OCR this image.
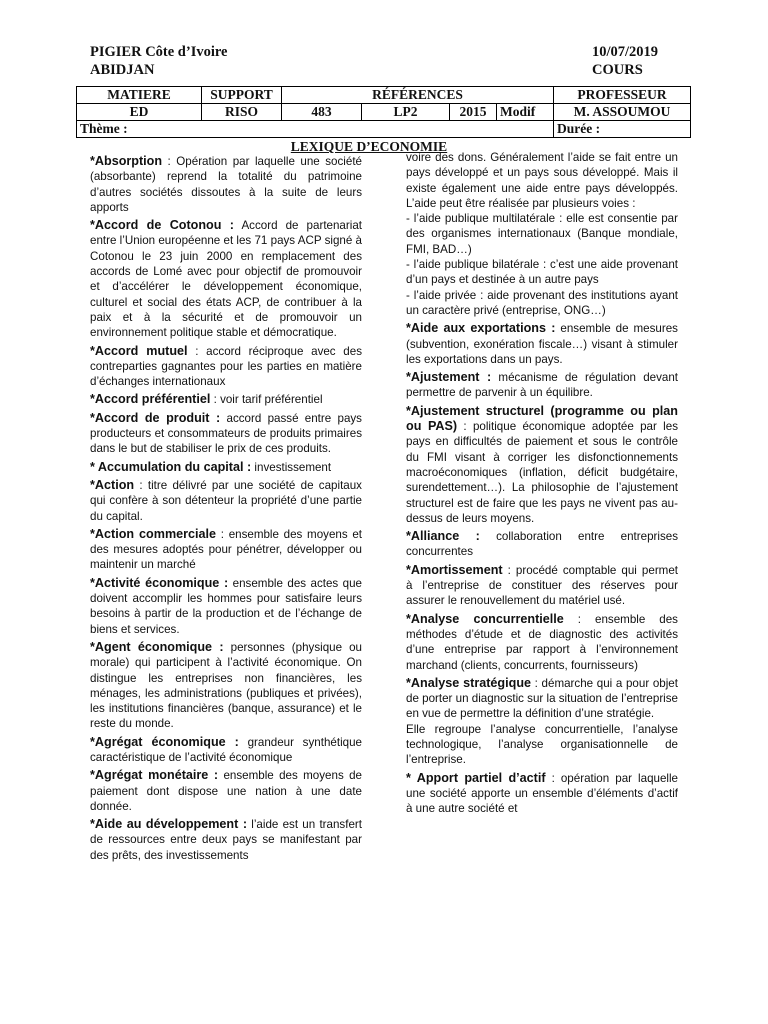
PIGIER Côte d’Ivoire
ABIDJAN
10/07/2019
COURS
MATIERE	SUPPORT	RÉFÉRENCES				PROFESSEUR
ED	RISO	483	LP2	2015	Modif	M. ASSOUMOU
Thème :						Durée :
LEXIQUE D’ECONOMIE

*Absorption : Opération par laquelle une société (absorbante) reprend la totalité du patrimoine d’autres sociétés dissoutes à la suite de leurs apports

*Accord de Cotonou : Accord de partenariat entre l’Union européenne et les 71 pays ACP signé à Cotonou le 23 juin 2000 en remplacement des accords de Lomé avec pour objectif de promouvoir et d’accélérer le développement économique, culturel et social des états ACP, de contribuer à la paix et à la sécurité et de promouvoir un environnement politique stable et démocratique.

*Accord mutuel : accord réciproque avec des contreparties gagnantes pour les parties en matière d’échanges internationaux

*Accord préférentiel : voir tarif préférentiel

*Accord de produit : accord passé entre pays producteurs et consommateurs de produits primaires dans le but de stabiliser le prix de ces produits.

* Accumulation du capital : investissement

*Action : titre délivré par une société de capitaux qui confère à son détenteur la propriété d’une partie du capital.

*Action commerciale : ensemble des moyens et des mesures adoptés pour pénétrer, développer ou maintenir un marché

*Activité économique : ensemble des actes que doivent accomplir les hommes pour satisfaire leurs besoins à partir de la production et de l’échange de biens et services.

*Agent économique : personnes (physique ou morale) qui participent à l’activité économique. On distingue les entreprises non financières, les ménages, les administrations (publiques et privées), les institutions financières (banque, assurance) et le reste du monde.

*Agrégat économique : grandeur synthétique caractéristique de l’activité économique

*Agrégat monétaire : ensemble des moyens de paiement dont dispose une nation à une date donnée.

*Aide au développement : l’aide est un transfert de ressources entre deux pays se manifestant par des prêts, des investissements

voire des dons. Généralement l’aide se fait entre un pays développé et un pays sous développé. Mais il existe également une aide entre pays développés. L’aide peut être réalisée par plusieurs voies :

- l’aide publique multilatérale : elle est consentie par des organismes internationaux (Banque mondiale, FMI, BAD…)

- l’aide publique bilatérale : c’est une aide provenant d’un pays et destinée à un autre pays

- l’aide privée : aide provenant des institutions ayant un caractère privé (entreprise, ONG…)

*Aide aux exportations : ensemble de mesures (subvention, exonération fiscale…) visant à stimuler les exportations dans un pays.

*Ajustement : mécanisme de régulation devant permettre de parvenir à un équilibre.

*Ajustement structurel (programme ou plan ou PAS) : politique économique adoptée par les pays en difficultés de paiement et sous le contrôle du FMI visant à corriger les disfonctionnements macroéconomiques (inflation, déficit budgétaire, surendettement…). La philosophie de l’ajustement structurel est de faire que les pays ne vivent pas au-dessus de leurs moyens.

*Alliance : collaboration entre entreprises concurrentes

*Amortissement : procédé comptable qui permet à l’entreprise de constituer des réserves pour assurer le renouvellement du matériel usé.

*Analyse concurrentielle : ensemble des méthodes d’étude et de diagnostic des activités d’une entreprise par rapport à l’environnement marchand (clients, concurrents, fournisseurs)

*Analyse stratégique : démarche qui a pour objet de porter un diagnostic sur la situation de l’entreprise en vue de permettre la définition d’une stratégie.

Elle regroupe l’analyse concurrentielle, l’analyse technologique, l’analyse organisationnelle de l’entreprise.

* Apport partiel d’actif : opération par laquelle une société apporte un ensemble d’éléments d’actif à une autre société et
